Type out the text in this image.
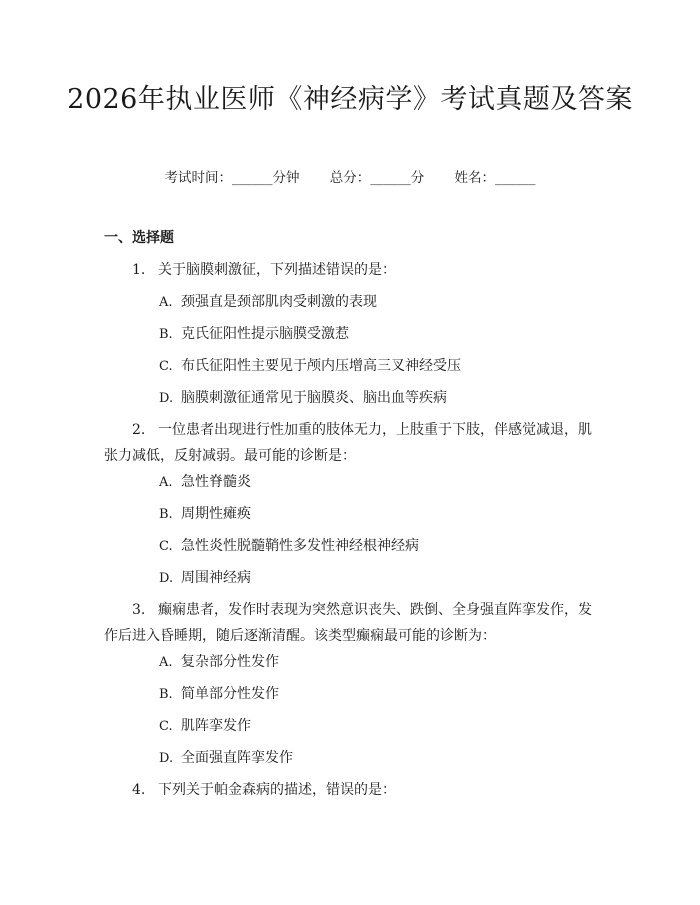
2026年执业医师《神经病学》考试真题及答案
考试时间：______分钟 总分：______分 姓名：______
一、选择题

1. 关于脑膜刺激征，下列描述错误的是：

A. 颈强直是颈部肌肉受刺激的表现
B. 克氏征阳性提示脑膜受激惹
C. 布氏征阳性主要见于颅内压增高三叉神经受压
D. 脑膜刺激征通常见于脑膜炎、脑出血等疾病

2. 一位患者出现进行性加重的肢体无力，上肢重于下肢，伴感觉减退，肌张力减低，反射减弱。最可能的诊断是：

A. 急性脊髓炎
B. 周期性瘫痪
C. 急性炎性脱髓鞘性多发性神经根神经病
D. 周围神经病

3. 癫痫患者，发作时表现为突然意识丧失、跌倒、全身强直阵挛发作，发作后进入昏睡期，随后逐渐清醒。该类型癫痫最可能的诊断为：

A. 复杂部分性发作
B. 简单部分性发作
C. 肌阵挛发作
D. 全面强直阵挛发作

4. 下列关于帕金森病的描述，错误的是：
